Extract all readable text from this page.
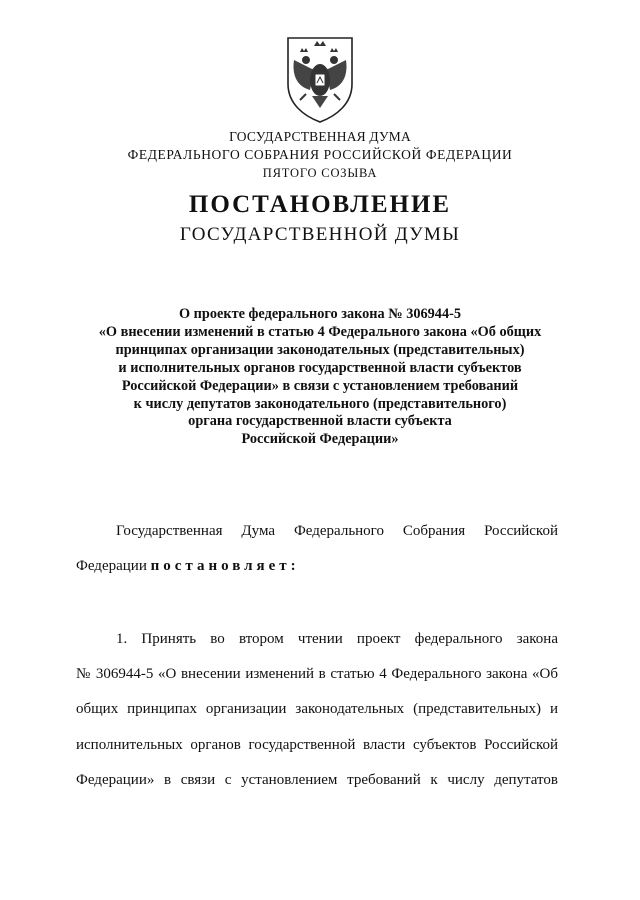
ГОСУДАРСТВЕННАЯ ДУМА
ФЕДЕРАЛЬНОГО СОБРАНИЯ РОССИЙСКОЙ ФЕДЕРАЦИИ
ПЯТОГО СОЗЫВА
ПОСТАНОВЛЕНИЕ
ГОСУДАРСТВЕННОЙ ДУМЫ
О проекте федерального закона № 306944-5
«О внесении изменений в статью 4 Федерального закона «Об общих
принципах организации законодательных (представительных)
и исполнительных органов государственной власти субъектов
Российской Федерации» в связи с установлением требований
к числу депутатов законодательного (представительного)
органа государственной власти субъекта
Российской Федерации»
Государственная Дума Федерального Собрания Российской
Федерации постановляет:
1. Принять во втором чтении проект федерального закона
№ 306944-5 «О внесении изменений в статью 4 Федерального закона «Об
общих принципах организации законодательных (представительных) и
исполнительных органов государственной власти субъектов Российской
Федерации» в связи с установлением требований к числу депутатов
